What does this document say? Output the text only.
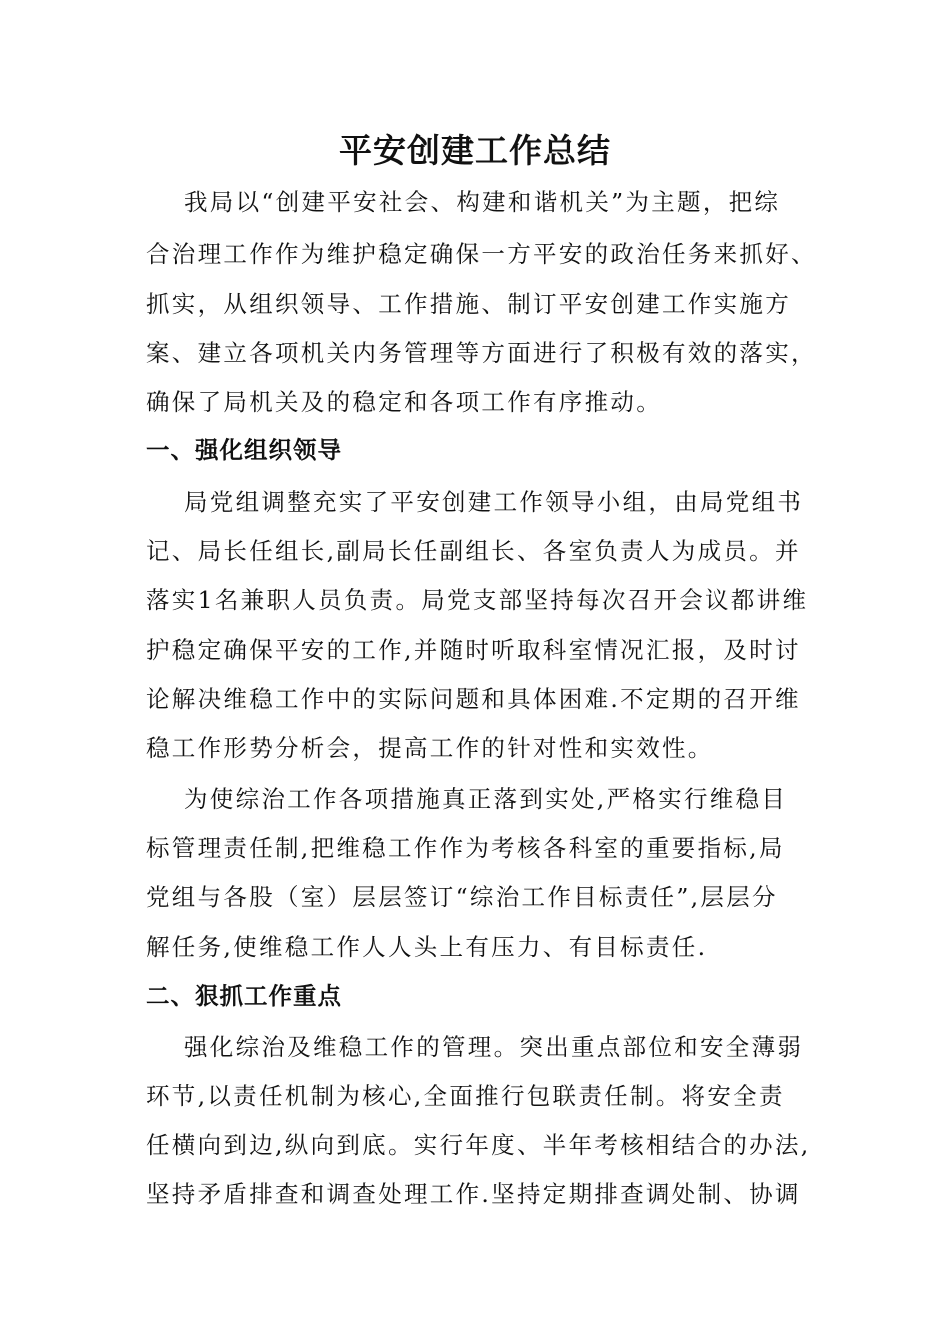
平安创建工作总结

我局以“创建平安社会、构建和谐机关”为主题，把综

合治理工作作为维护稳定确保一方平安的政治任务来抓好、

抓实，从组织领导、工作措施、制订平安创建工作实施方

案、建立各项机关内务管理等方面进行了积极有效的落实，

确保了局机关及的稳定和各项工作有序推动。

一、强化组织领导

局党组调整充实了平安创建工作领导小组，由局党组书

记、局长任组长,副局长任副组长、各室负责人为成员。并

落实1名兼职人员负责。局党支部坚持每次召开会议都讲维

护稳定确保平安的工作,并随时听取科室情况汇报，及时讨

论解决维稳工作中的实际问题和具体困难.不定期的召开维

稳工作形势分析会，提高工作的针对性和实效性。

为使综治工作各项措施真正落到实处,严格实行维稳目

标管理责任制,把维稳工作作为考核各科室的重要指标,局

党组与各股（室）层层签订“综治工作目标责任”,层层分

解任务,使维稳工作人人头上有压力、有目标责任.

二、狠抓工作重点

强化综治及维稳工作的管理。突出重点部位和安全薄弱

环节,以责任机制为核心,全面推行包联责任制。将安全责

任横向到边,纵向到底。实行年度、半年考核相结合的办法,

坚持矛盾排查和调查处理工作.坚持定期排查调处制、协调
